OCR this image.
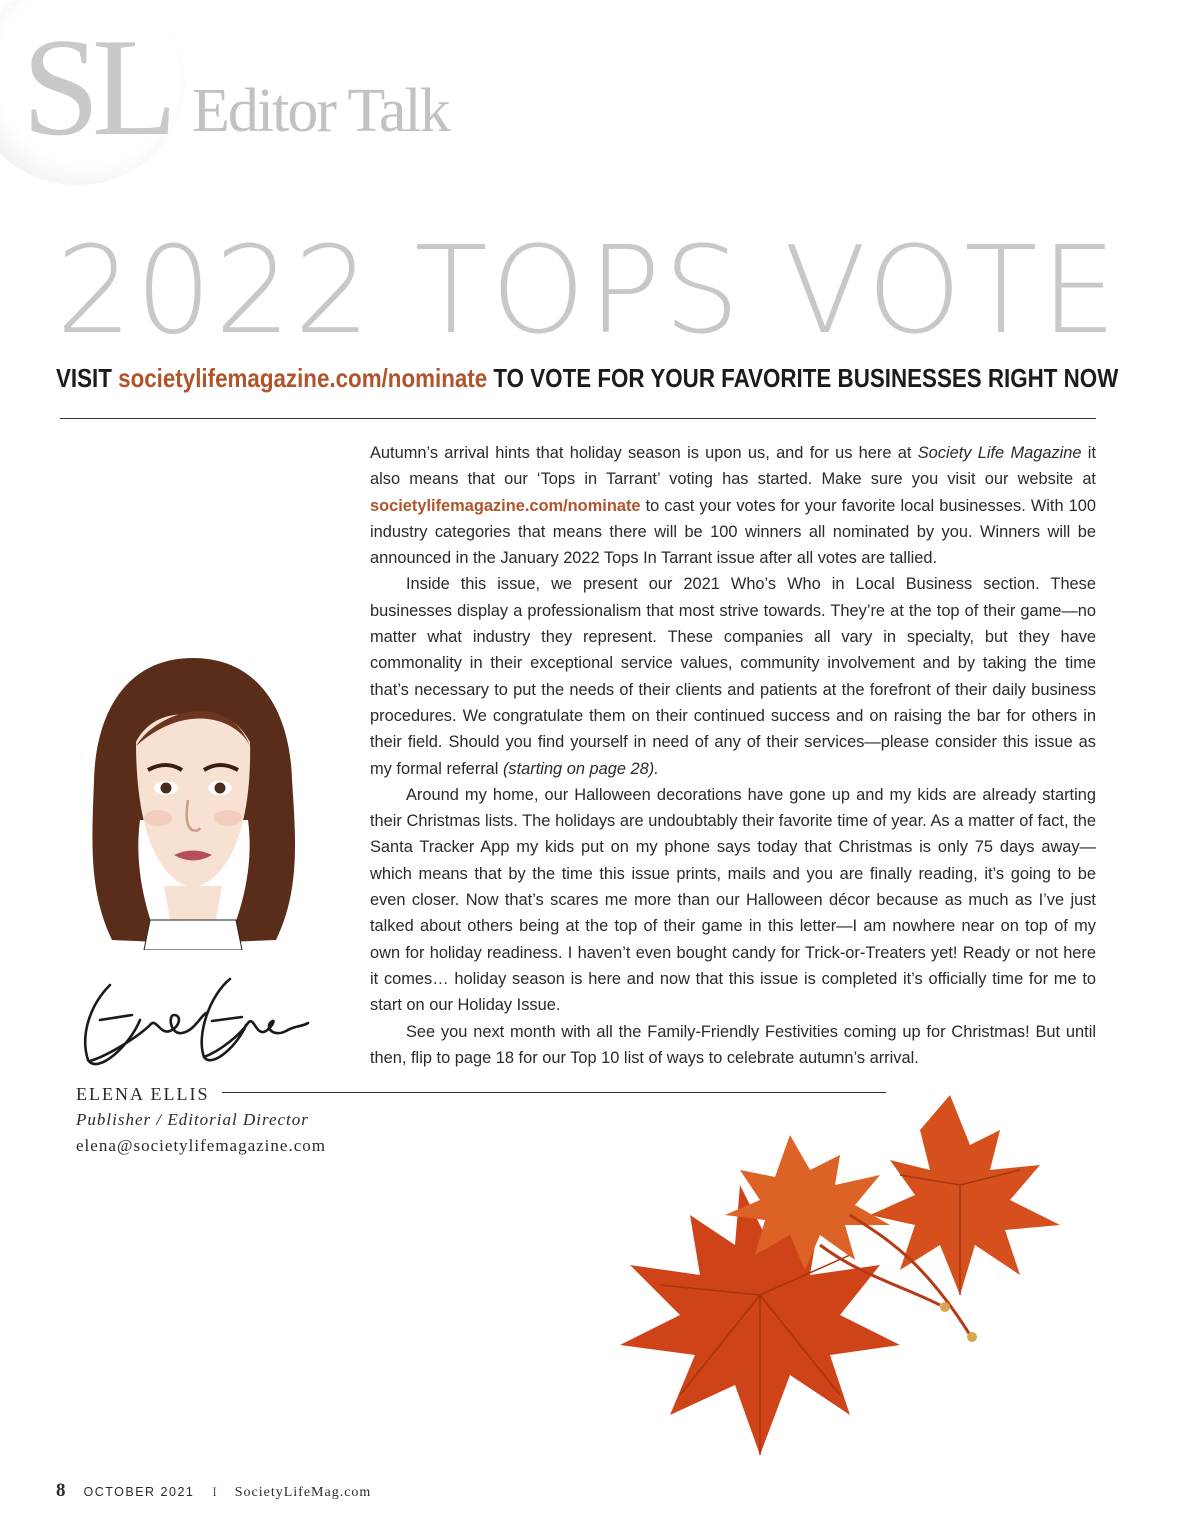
SL Editor Talk
2022 TOPS VOTE
VISIT societylifemagazine.com/nominate TO VOTE FOR YOUR FAVORITE BUSINESSES RIGHT NOW

Autumn’s arrival hints that holiday season is upon us, and for us here at Society Life Magazine it also means that our ‘Tops in Tarrant’ voting has started. Make sure you visit our website at societylifemagazine.com/nominate to cast your votes for your favorite local businesses. With 100 industry categories that means there will be 100 winners all nominated by you. Winners will be announced in the January 2022 Tops In Tarrant issue after all votes are tallied.

Inside this issue, we present our 2021 Who’s Who in Local Business section. These businesses display a professionalism that most strive towards. They’re at the top of their game—no matter what industry they represent. These companies all vary in specialty, but they have commonality in their exceptional service values, community involvement and by taking the time that’s necessary to put the needs of their clients and patients at the forefront of their daily business procedures. We congratulate them on their continued success and on raising the bar for others in their field. Should you find yourself in need of any of their services—please consider this issue as my formal referral (starting on page 28).

Around my home, our Halloween decorations have gone up and my kids are already starting their Christmas lists. The holidays are undoubtably their favorite time of year. As a matter of fact, the Santa Tracker App my kids put on my phone says today that Christmas is only 75 days away—which means that by the time this issue prints, mails and you are finally reading, it’s going to be even closer. Now that’s scares me more than our Halloween décor because as much as I’ve just talked about others being at the top of their game in this letter—I am nowhere near on top of my own for holiday readiness. I haven’t even bought candy for Trick-or-Treaters yet! Ready or not here it comes… holiday season is here and now that this issue is completed it’s officially time for me to start on our Holiday Issue.

See you next month with all the Family-Friendly Festivities coming up for Christmas! But until then, flip to page 18 for our Top 10 list of ways to celebrate autumn’s arrival.

ELENA ELLIS
Publisher / Editorial Director
elena@societylifemagazine.com
8 OCTOBER 2021 I SocietyLifeMag.com
